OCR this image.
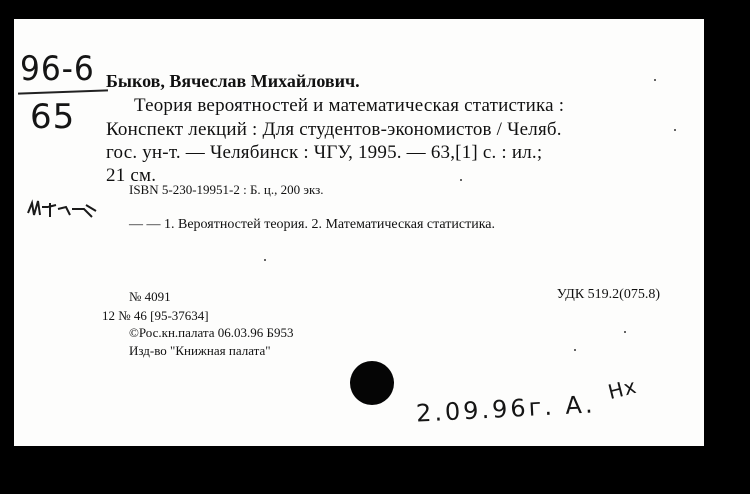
96-6
65
Быков, Вячеслав Михайлович.
Теория вероятностей и математическая статистика :
Конспект лекций : Для студентов-экономистов / Челяб.
гос. ун-т. — Челябинск : ЧГУ, 1995. — 63,[1] с. : ил.;
21 см.
ISBN 5-230-19951-2 : Б. ц., 200 экз.
— — 1. Вероятностей теория. 2. Математическая статистика.
№ 4091	УДК 519.2(075.8)
12 № 46 [95-37634]
©Рос.кн.палата 06.03.96 Б953
Изд-во "Книжная палата"
2.09.96г. А.
Нх
